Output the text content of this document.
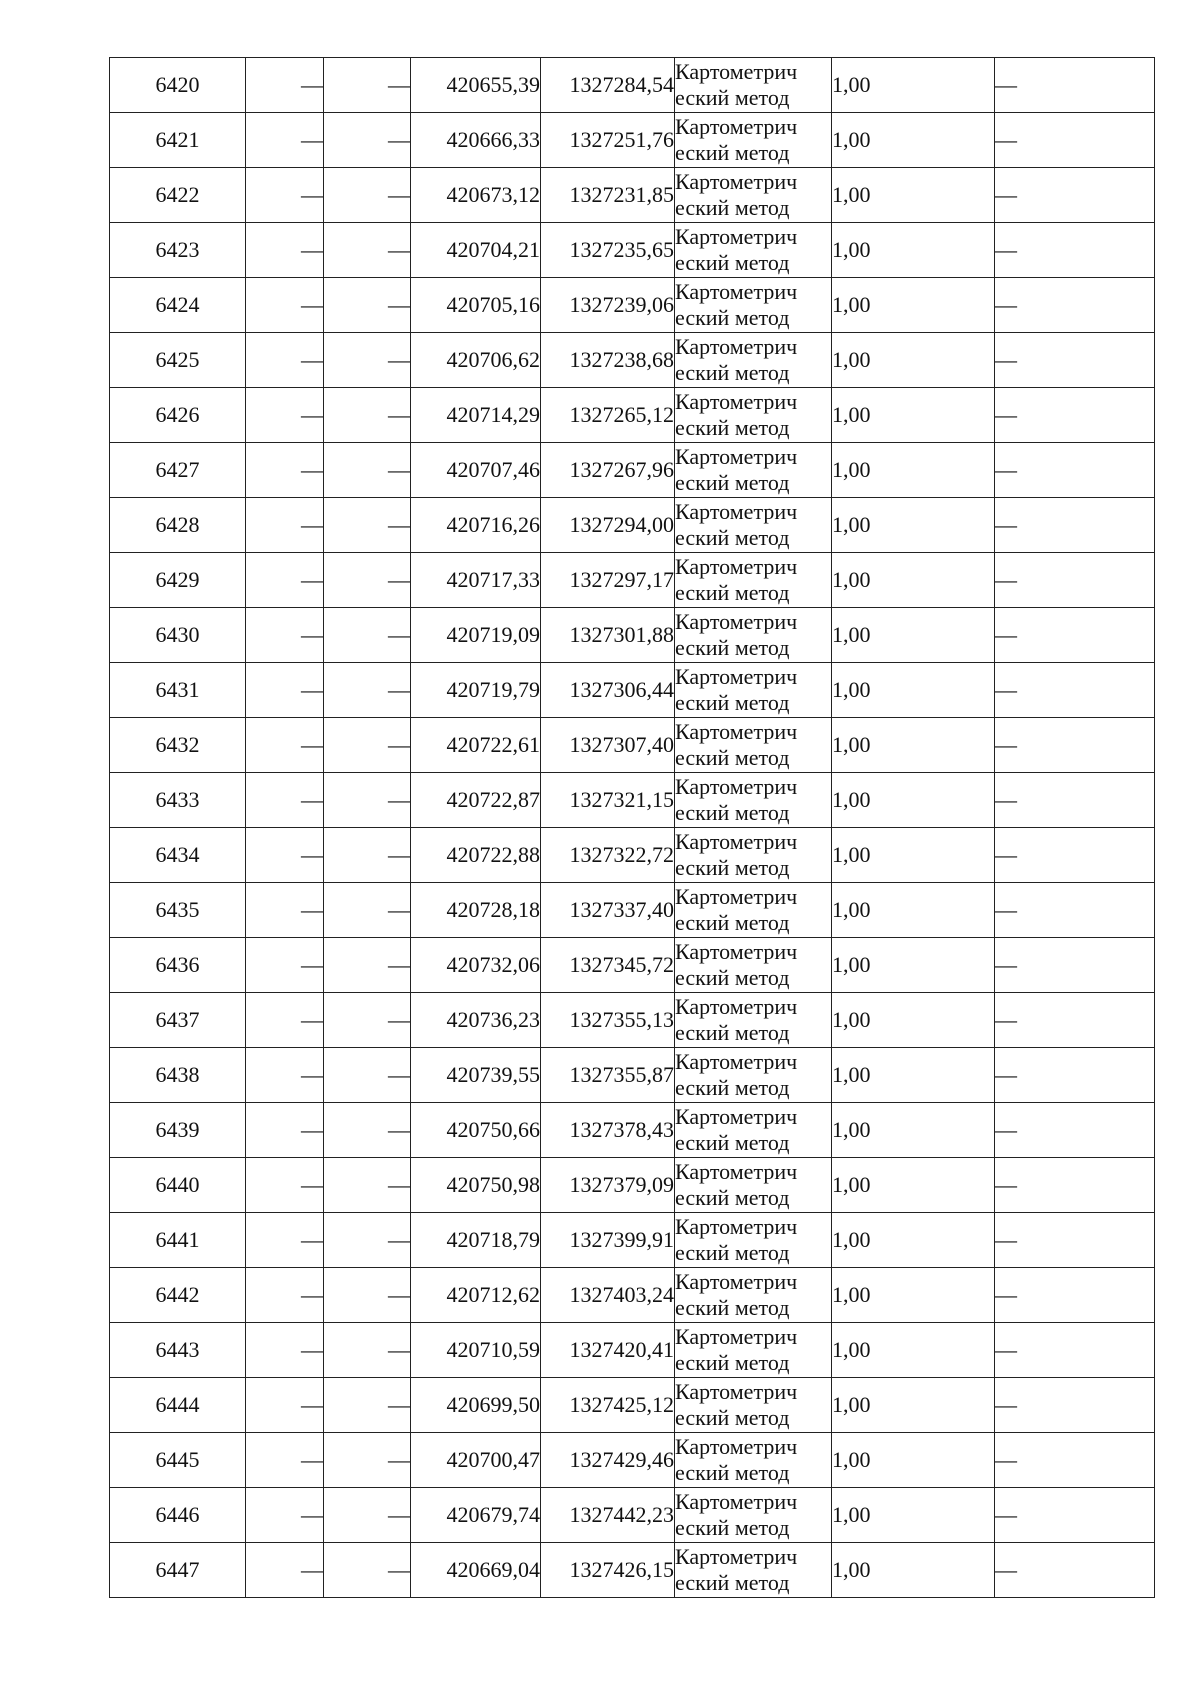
6420	—	—	420655,39	1327284,54	Картометрич
еский метод	1,00	—
6421	—	—	420666,33	1327251,76	Картометрич
еский метод	1,00	—
6422	—	—	420673,12	1327231,85	Картометрич
еский метод	1,00	—
6423	—	—	420704,21	1327235,65	Картометрич
еский метод	1,00	—
6424	—	—	420705,16	1327239,06	Картометрич
еский метод	1,00	—
6425	—	—	420706,62	1327238,68	Картометрич
еский метод	1,00	—
6426	—	—	420714,29	1327265,12	Картометрич
еский метод	1,00	—
6427	—	—	420707,46	1327267,96	Картометрич
еский метод	1,00	—
6428	—	—	420716,26	1327294,00	Картометрич
еский метод	1,00	—
6429	—	—	420717,33	1327297,17	Картометрич
еский метод	1,00	—
6430	—	—	420719,09	1327301,88	Картометрич
еский метод	1,00	—
6431	—	—	420719,79	1327306,44	Картометрич
еский метод	1,00	—
6432	—	—	420722,61	1327307,40	Картометрич
еский метод	1,00	—
6433	—	—	420722,87	1327321,15	Картометрич
еский метод	1,00	—
6434	—	—	420722,88	1327322,72	Картометрич
еский метод	1,00	—
6435	—	—	420728,18	1327337,40	Картометрич
еский метод	1,00	—
6436	—	—	420732,06	1327345,72	Картометрич
еский метод	1,00	—
6437	—	—	420736,23	1327355,13	Картометрич
еский метод	1,00	—
6438	—	—	420739,55	1327355,87	Картометрич
еский метод	1,00	—
6439	—	—	420750,66	1327378,43	Картометрич
еский метод	1,00	—
6440	—	—	420750,98	1327379,09	Картометрич
еский метод	1,00	—
6441	—	—	420718,79	1327399,91	Картометрич
еский метод	1,00	—
6442	—	—	420712,62	1327403,24	Картометрич
еский метод	1,00	—
6443	—	—	420710,59	1327420,41	Картометрич
еский метод	1,00	—
6444	—	—	420699,50	1327425,12	Картометрич
еский метод	1,00	—
6445	—	—	420700,47	1327429,46	Картометрич
еский метод	1,00	—
6446	—	—	420679,74	1327442,23	Картометрич
еский метод	1,00	—
6447	—	—	420669,04	1327426,15	Картометрич
еский метод	1,00	—
